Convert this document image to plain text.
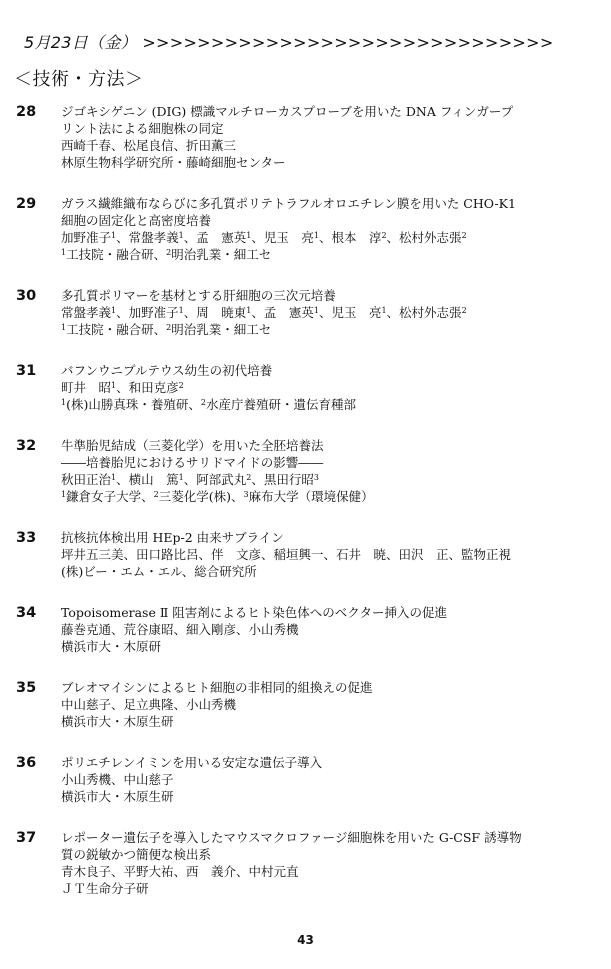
5月23日（金） >>>>>>>>>>>>>>>>>>>>>>>>>>>>>>
＜技術・方法＞
28	ジゴキシゲニン (DIG) 標識マルチローカスプローブを用いた DNA フィンガープ
リント法による細胞株の同定
西崎千春、松尾良信、折田薫三
林原生物科学研究所・藤崎細胞センター
29	ガラス繊維織布ならびに多孔質ポリテトラフルオロエチレン膜を用いた CHO-K1
細胞の固定化と高密度培養
加野准子$^1$、常盤孝義$^1$、孟　憲英$^1$、児玉　亮$^1$、根本　淳$^2$、松村外志張$^2$
$^1$工技院・融合研、$^2$明治乳業・細工セ
30	多孔質ポリマーを基材とする肝細胞の三次元培養
常盤孝義$^1$、加野准子$^1$、周　暁東$^1$、孟　憲英$^1$、児玉　亮$^1$、松村外志張$^2$
$^1$工技院・融合研、$^2$明治乳業・細工セ
31	バフンウニプルテウス幼生の初代培養
町井　昭$^1$、和田克彦$^2$
$^1$(株)山勝真珠・養殖研、$^2$水産庁養殖研・遺伝育種部
32	牛準胎児結成（三菱化学）を用いた全胚培養法
――培養胎児におけるサリドマイドの影響――
秋田正治$^1$、横山　篤$^1$、阿部武丸$^2$、黒田行昭$^3$
$^1$鎌倉女子大学、$^2$三菱化学(株)、$^3$麻布大学（環境保健）
33	抗核抗体検出用 HEp-2 由来サブライン
坪井五三美、田口路比呂、伴　文彦、稲垣興一、石井　暁、田沢　正、監物正視
(株)ビー・エム・エル、総合研究所
34	Topoisomerase Ⅱ 阻害剤によるヒト染色体へのベクター挿入の促進
藤巻克通、荒谷康昭、細入剛彦、小山秀機
横浜市大・木原研
35	ブレオマイシンによるヒト細胞の非相同的組換えの促進
中山慈子、足立典隆、小山秀機
横浜市大・木原生研
36	ポリエチレンイミンを用いる安定な遺伝子導入
小山秀機、中山慈子
横浜市大・木原生研
37	レポーター遺伝子を導入したマウスマクロファージ細胞株を用いた G-CSF 誘導物
質の鋭敏かつ簡便な検出系
青木良子、平野大祐、西　義介、中村元直
ＪＴ生命分子研
43
